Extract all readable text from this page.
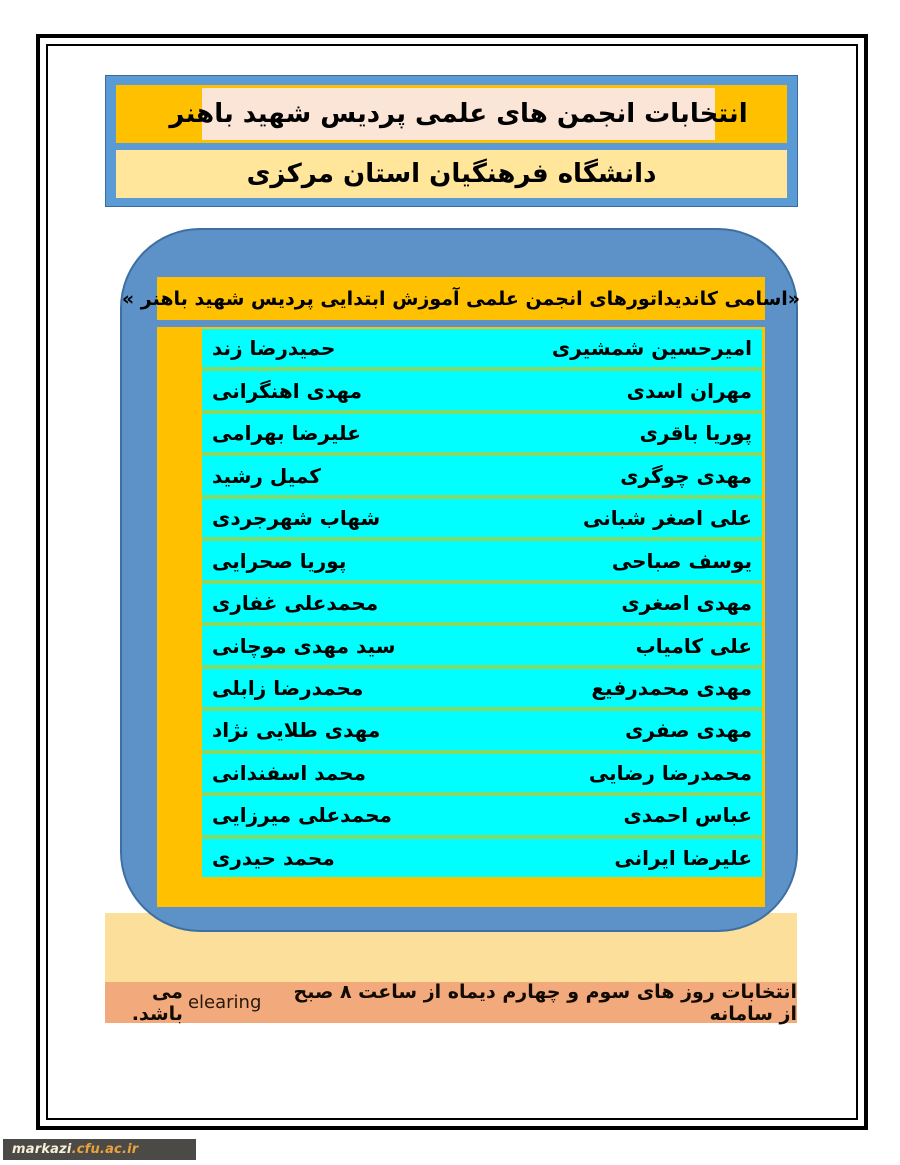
انتخابات انجمن های علمی پردیس شهید باهنر
دانشگاه فرهنگیان استان مرکزی
«اسامی کاندیداتورهای انجمن علمی آموزش ابتدایی پردیس شهید باهنر »
امیرحسین شمشیری
حمیدرضا زند
مهران اسدی
مهدی اهنگرانی
پوریا باقری
علیرضا بهرامی
مهدی چوگری
کمیل رشید
علی اصغر شبانی
شهاب شهرجردی
یوسف صباحی
پوریا صحرایی
مهدی اصغری
محمدعلی غفاری
علی کامیاب
سید مهدی موچانی
مهدی محمدرفیع
محمدرضا زابلی
مهدی صفری
مهدی طلایی نژاد
محمدرضا رضایی
محمد اسفندانی
عباس احمدی
محمدعلی میرزایی
علیرضا ایرانی
محمد حیدری
انتخابات روز های سوم و چهارم دیماه از ساعت ۸ صبح  از سامانه
elearing
می باشد.
markazi .cfu.ac.ir
